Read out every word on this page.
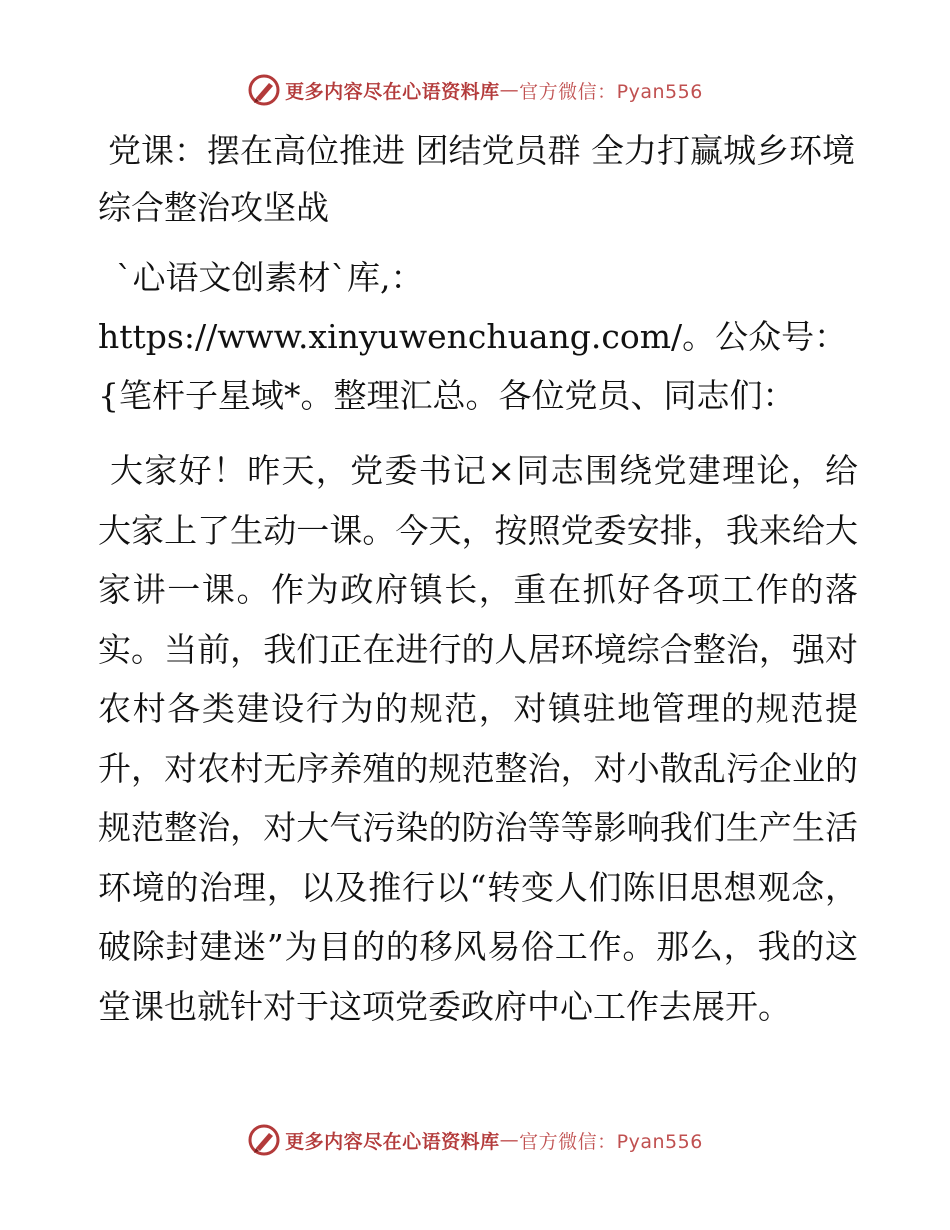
更多内容尽在心语资料库 — 官方微信：Pyan556
党课：摆在高位推进 团结党员群 全力打赢城乡环境综合整治攻坚战

`心语文创素材`库,：https://www.xinyuwenchuang.com/。公众号：{笔杆子星域*。整理汇总。各位党员、同志们：

大家好！昨天，党委书记×同志围绕党建理论，给大家上了生动一课。今天，按照党委安排，我来给大家讲一课。作为政府镇长，重在抓好各项工作的落实。当前，我们正在进行的人居环境综合整治，强对农村各类建设行为的规范，对镇驻地管理的规范提升，对农村无序养殖的规范整治，对小散乱污企业的规范整治，对大气污染的防治等等影响我们生产生活环境的治理，以及推行以“转变人们陈旧思想观念，破除封建迷”为目的的移风易俗工作。那么，我的这堂课也就针对于这项党委政府中心工作去展开。

更多内容尽在心语资料库 — 官方微信：Pyan556
